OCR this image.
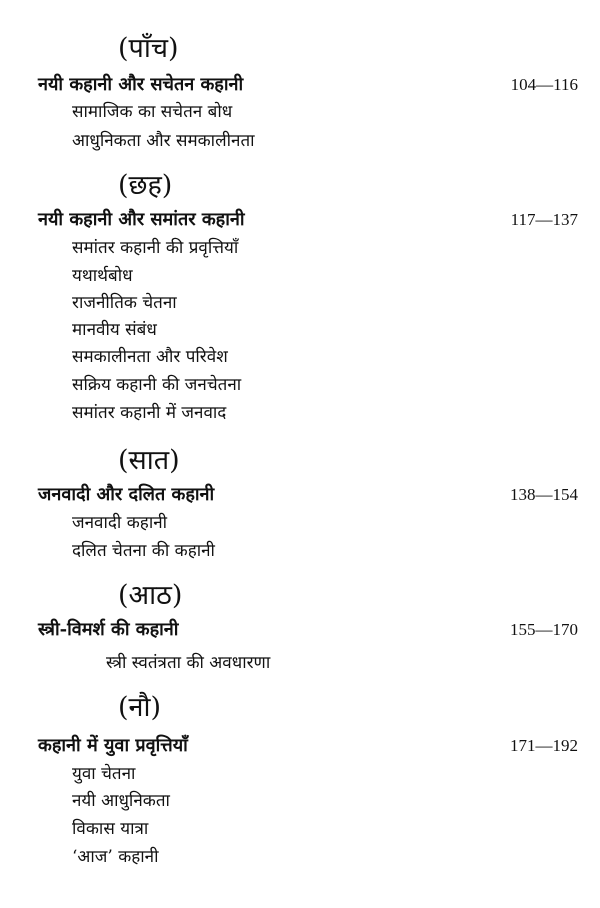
(पाँच)
नयी कहानी और सचेतन कहानी	104—116
सामाजिक का सचेतन बोध
आधुनिकता और समकालीनता
(छह)
नयी कहानी और समांतर कहानी	117—137
समांतर कहानी की प्रवृत्तियाँ
यथार्थबोध
राजनीतिक चेतना
मानवीय संबंध
समकालीनता और परिवेश
सक्रिय कहानी की जनचेतना
समांतर कहानी में जनवाद
(सात)
जनवादी और दलित कहानी	138—154
जनवादी कहानी
दलित चेतना की कहानी
(आठ)
स्त्री-विमर्श की कहानी	155—170
स्त्री स्वतंत्रता की अवधारणा
(नौ)
कहानी में युवा प्रवृत्तियाँ	171—192
युवा चेतना
नयी आधुनिकता
विकास यात्रा
‘आज’ कहानी
